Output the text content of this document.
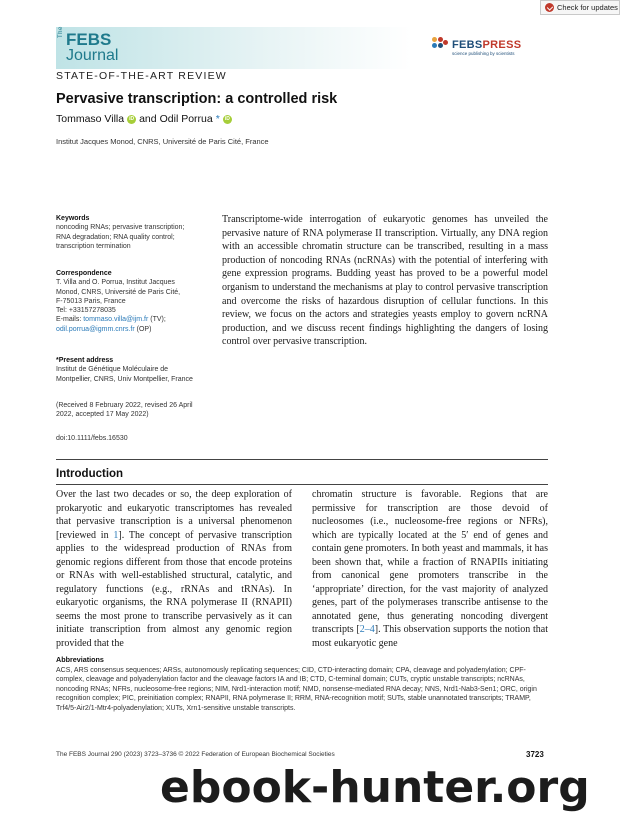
Check for updates
The FEBS
Journal
FEBSPRESS
science publishing by scientists
STATE-OF-THE-ART REVIEW
Pervasive transcription: a controlled risk
Tommaso Villa	iD and Odil Porrua *	iD
Institut Jacques Monod, CNRS, Université de Paris Cité, France
Keywords
noncoding RNAs; pervasive transcription;
RNA degradation; RNA quality control;
transcription termination
Correspondence
T. Villa and O. Porrua, Institut Jacques
Monod, CNRS, Université de Paris Cité,
F-75013 Paris, France
Tel: +33157278035
E-mails: tommaso.villa@ijm.fr (TV);
odil.porrua@igmm.cnrs.fr (OP)
*Present address
Institut de Génétique Moléculaire de
Montpellier, CNRS, Univ Montpellier, France
(Received 8 February 2022, revised 26 April
2022, accepted 17 May 2022)
doi:10.1111/febs.16530

Transcriptome-wide interrogation of eukaryotic genomes has unveiled the pervasive nature of RNA polymerase II transcription. Virtually, any DNA region with an accessible chromatin structure can be transcribed, resulting in a mass production of noncoding RNAs (ncRNAs) with the potential of interfering with gene expression programs. Budding yeast has proved to be a powerful model organism to understand the mechanisms at play to control pervasive transcription and overcome the risks of hazardous disruption of cellular functions. In this review, we focus on the actors and strategies yeasts employ to govern ncRNA production, and we discuss recent findings highlighting the dangers of losing control over pervasive transcription.

Introduction

Over the last two decades or so, the deep exploration of prokaryotic and eukaryotic transcriptomes has revealed that pervasive transcription is a universal phenomenon [reviewed in 1]. The concept of pervasive transcription applies to the widespread production of RNAs from genomic regions different from those that encode proteins or RNAs with well-established structural, catalytic, and regulatory functions (e.g., rRNAs and tRNAs). In eukaryotic organisms, the RNA polymerase II (RNAPII) seems the most prone to transcribe pervasively as it can initiate transcription from almost any genomic region provided that the

chromatin structure is favorable. Regions that are permissive for transcription are those devoid of nucleosomes (i.e., nucleosome-free regions or NFRs), which are typically located at the 5′ end of genes and contain gene promoters. In both yeast and mammals, it has been shown that, while a fraction of RNAPIIs initiating from canonical gene promoters transcribe in the ‘appropriate’ direction, for the vast majority of analyzed genes, part of the polymerases transcribe antisense to the annotated gene, thus generating noncoding divergent transcripts [2–4]. This observation supports the notion that most eukaryotic gene

Abbreviations
ACS, ARS consensus sequences; ARSs, autonomously replicating sequences; CID, CTD-interacting domain; CPA, cleavage and polyadenylation; CPF-complex, cleavage and polyadenylation factor and the cleavage factors IA and IB; CTD, C-terminal domain; CUTs, cryptic unstable transcripts; ncRNAs, noncoding RNAs; NFRs, nucleosome-free regions; NIM, Nrd1-interaction motif; NMD, nonsense-mediated RNA decay; NNS, Nrd1-Nab3-Sen1; ORC, origin recognition complex; PIC, preinitiation complex; RNAPII, RNA polymerase II; RRM, RNA-recognition motif; SUTs, stable unannotated transcripts; TRAMP, Trf4/5-Air2/1-Mtr4-polyadenylation; XUTs, Xrn1-sensitive unstable transcripts.
The FEBS Journal 290 (2023) 3723–3736 © 2022 Federation of European Biochemical Societies	3723
ebook-hunter.org
